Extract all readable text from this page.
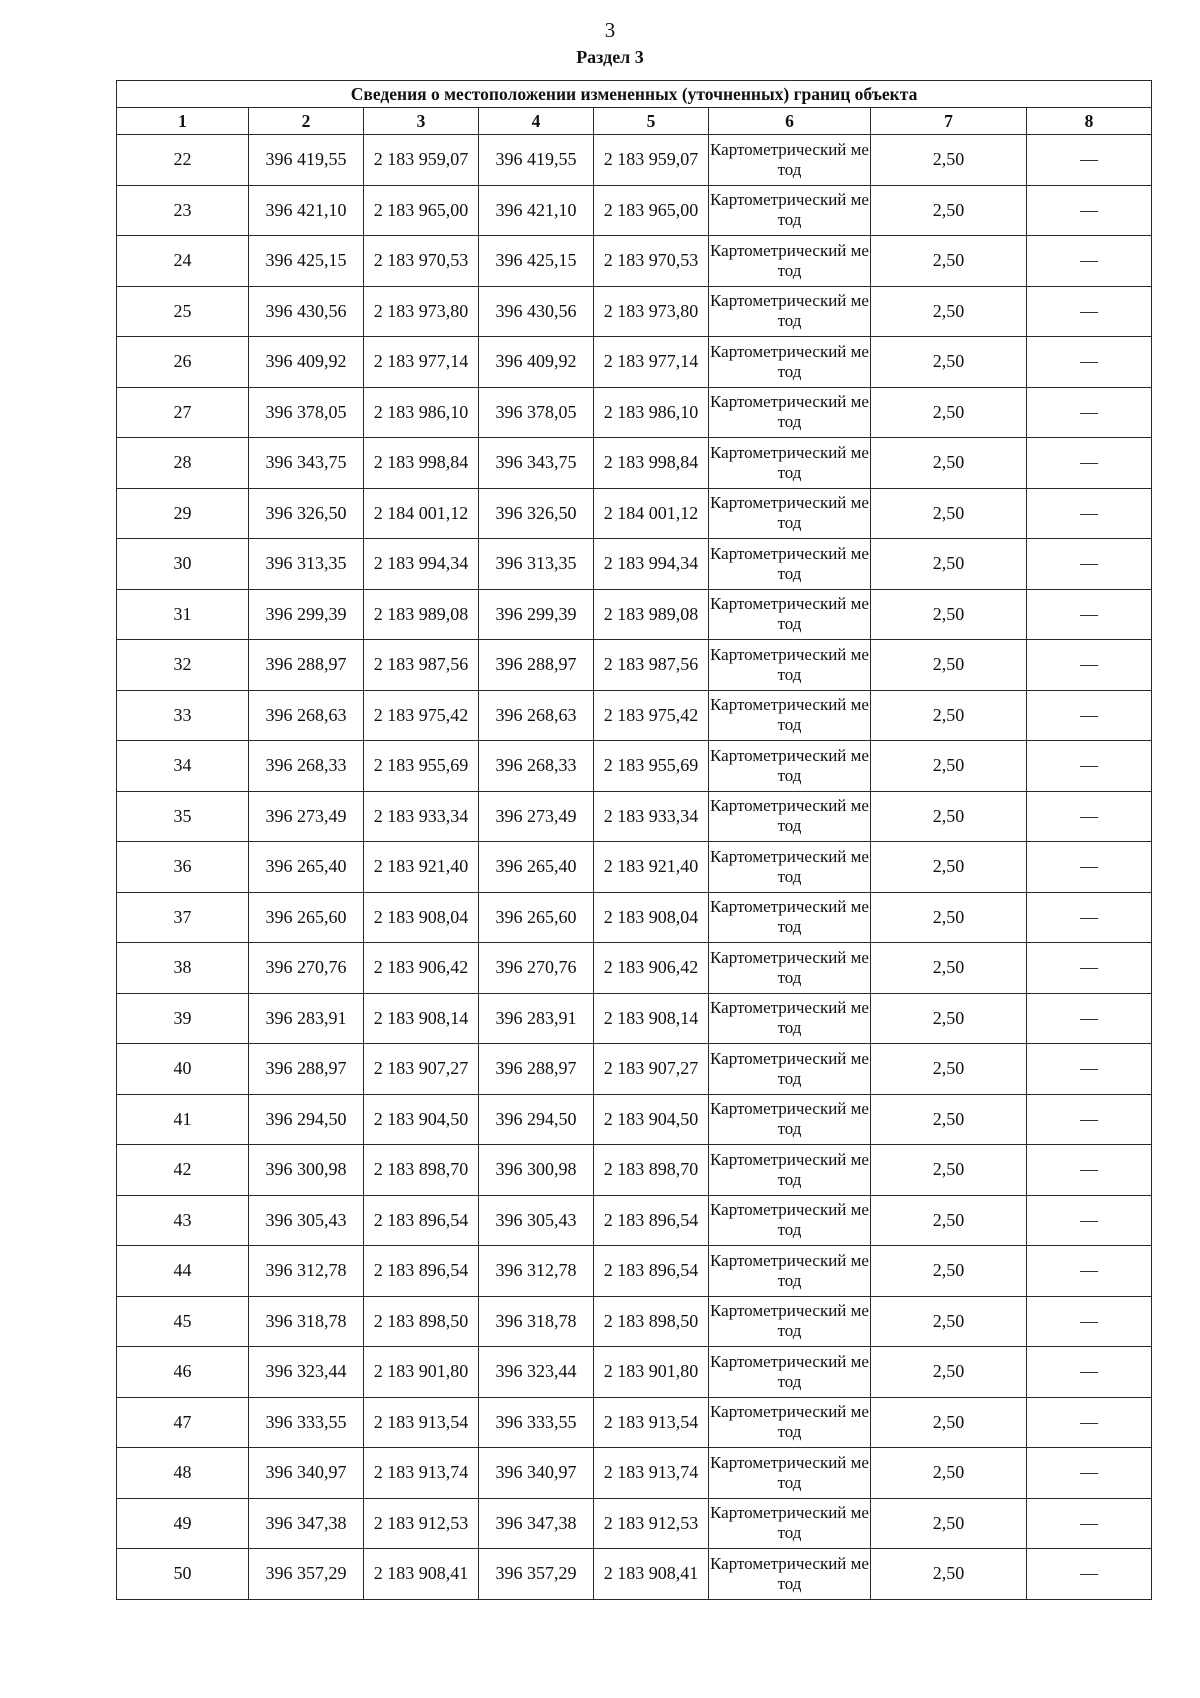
3
Раздел 3
Сведения о местоположении измененных (уточненных) границ объекта							
1	2	3	4	5	6	7	8
22	396 419,55	2 183 959,07	396 419,55	2 183 959,07	Картометрический метод	2,50	—
23	396 421,10	2 183 965,00	396 421,10	2 183 965,00	Картометрический метод	2,50	—
24	396 425,15	2 183 970,53	396 425,15	2 183 970,53	Картометрический метод	2,50	—
25	396 430,56	2 183 973,80	396 430,56	2 183 973,80	Картометрический метод	2,50	—
26	396 409,92	2 183 977,14	396 409,92	2 183 977,14	Картометрический метод	2,50	—
27	396 378,05	2 183 986,10	396 378,05	2 183 986,10	Картометрический метод	2,50	—
28	396 343,75	2 183 998,84	396 343,75	2 183 998,84	Картометрический метод	2,50	—
29	396 326,50	2 184 001,12	396 326,50	2 184 001,12	Картометрический метод	2,50	—
30	396 313,35	2 183 994,34	396 313,35	2 183 994,34	Картометрический метод	2,50	—
31	396 299,39	2 183 989,08	396 299,39	2 183 989,08	Картометрический метод	2,50	—
32	396 288,97	2 183 987,56	396 288,97	2 183 987,56	Картометрический метод	2,50	—
33	396 268,63	2 183 975,42	396 268,63	2 183 975,42	Картометрический метод	2,50	—
34	396 268,33	2 183 955,69	396 268,33	2 183 955,69	Картометрический метод	2,50	—
35	396 273,49	2 183 933,34	396 273,49	2 183 933,34	Картометрический метод	2,50	—
36	396 265,40	2 183 921,40	396 265,40	2 183 921,40	Картометрический метод	2,50	—
37	396 265,60	2 183 908,04	396 265,60	2 183 908,04	Картометрический метод	2,50	—
38	396 270,76	2 183 906,42	396 270,76	2 183 906,42	Картометрический метод	2,50	—
39	396 283,91	2 183 908,14	396 283,91	2 183 908,14	Картометрический метод	2,50	—
40	396 288,97	2 183 907,27	396 288,97	2 183 907,27	Картометрический метод	2,50	—
41	396 294,50	2 183 904,50	396 294,50	2 183 904,50	Картометрический метод	2,50	—
42	396 300,98	2 183 898,70	396 300,98	2 183 898,70	Картометрический метод	2,50	—
43	396 305,43	2 183 896,54	396 305,43	2 183 896,54	Картометрический метод	2,50	—
44	396 312,78	2 183 896,54	396 312,78	2 183 896,54	Картометрический метод	2,50	—
45	396 318,78	2 183 898,50	396 318,78	2 183 898,50	Картометрический метод	2,50	—
46	396 323,44	2 183 901,80	396 323,44	2 183 901,80	Картометрический метод	2,50	—
47	396 333,55	2 183 913,54	396 333,55	2 183 913,54	Картометрический метод	2,50	—
48	396 340,97	2 183 913,74	396 340,97	2 183 913,74	Картометрический метод	2,50	—
49	396 347,38	2 183 912,53	396 347,38	2 183 912,53	Картометрический метод	2,50	—
50	396 357,29	2 183 908,41	396 357,29	2 183 908,41	Картометрический метод	2,50	—
